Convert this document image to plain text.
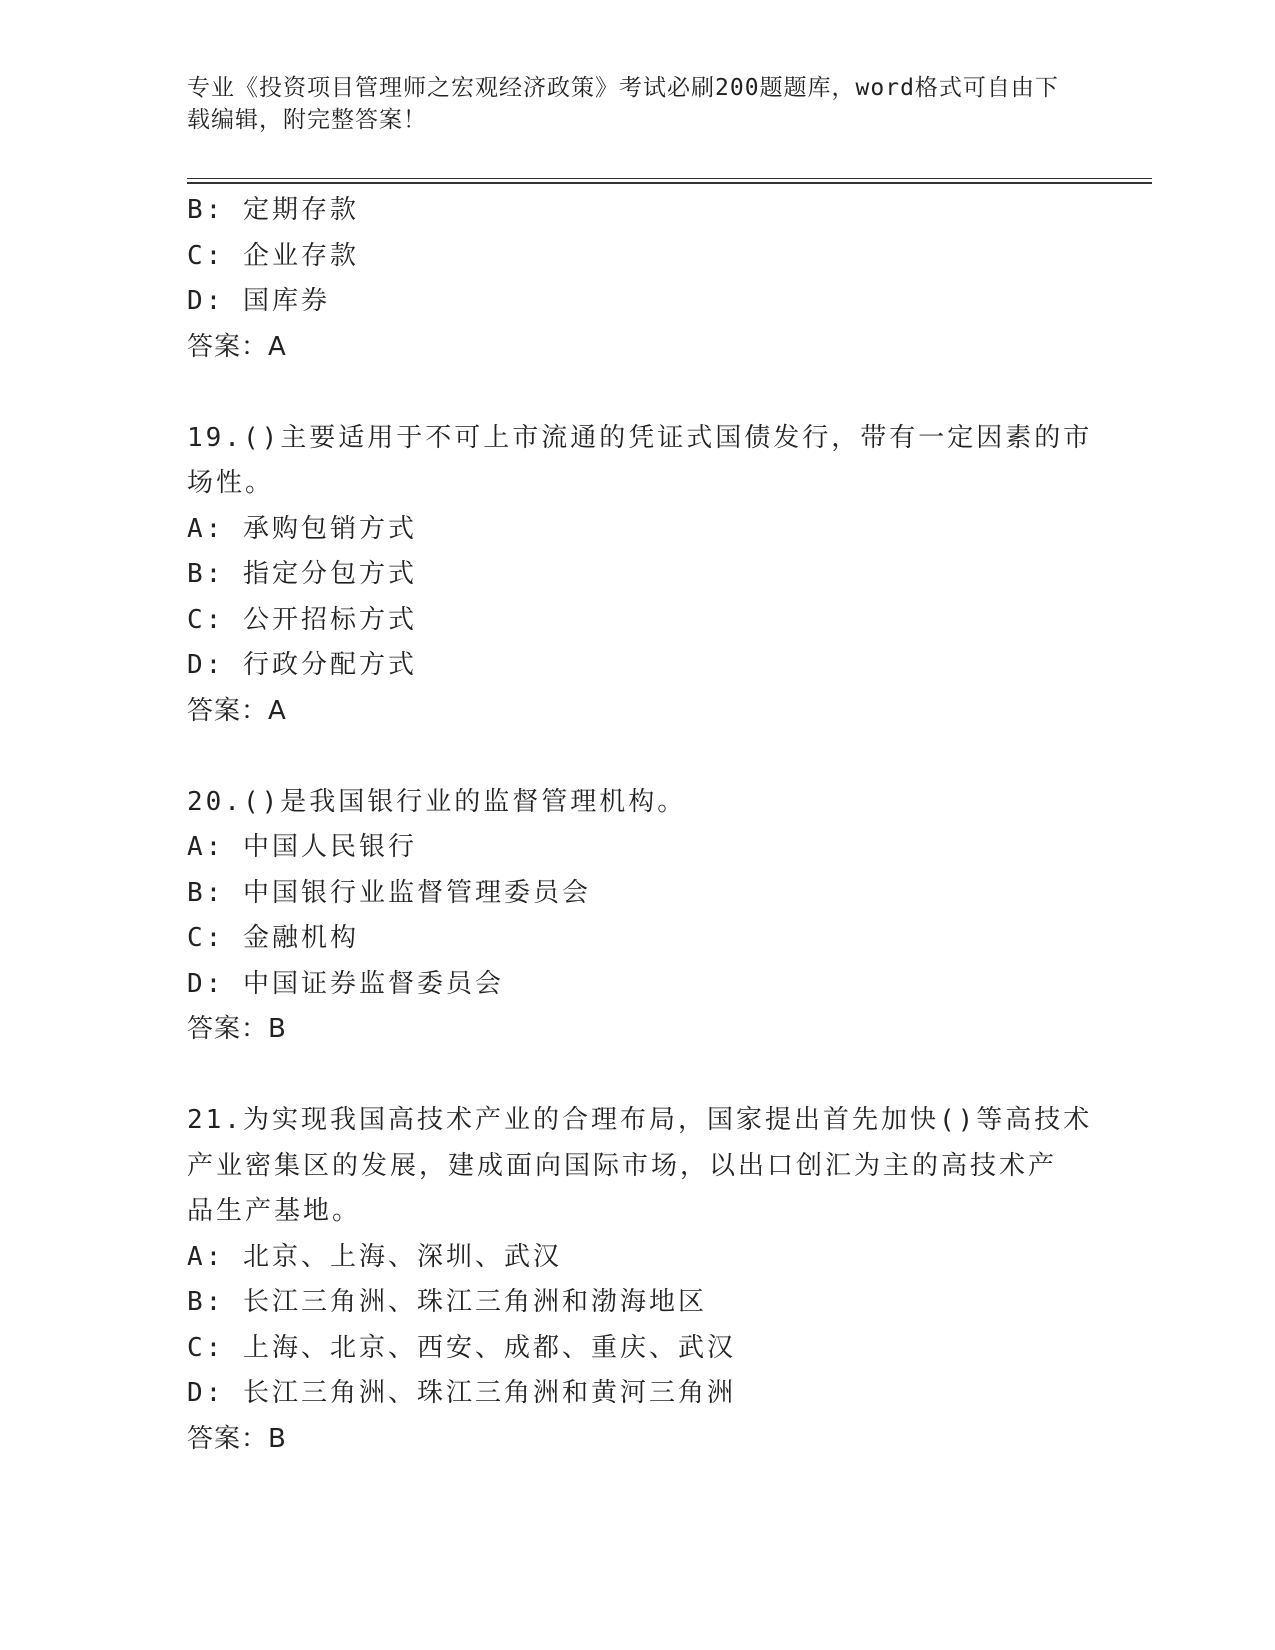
专业《投资项目管理师之宏观经济政策》考试必刷200题题库，word格式可自由下载编辑，附完整答案！
B: 定期存款
C: 企业存款
D: 国库券
答案：A
19.()主要适用于不可上市流通的凭证式国债发行，带有一定因素的市
场性。
A: 承购包销方式
B: 指定分包方式
C: 公开招标方式
D: 行政分配方式
答案：A
20.()是我国银行业的监督管理机构。
A: 中国人民银行
B: 中国银行业监督管理委员会
C: 金融机构
D: 中国证券监督委员会
答案：B
21.为实现我国高技术产业的合理布局，国家提出首先加快()等高技术
产业密集区的发展，建成面向国际市场，以出口创汇为主的高技术产
品生产基地。
A: 北京、上海、深圳、武汉
B: 长江三角洲、珠江三角洲和渤海地区
C: 上海、北京、西安、成都、重庆、武汉
D: 长江三角洲、珠江三角洲和黄河三角洲
答案：B
